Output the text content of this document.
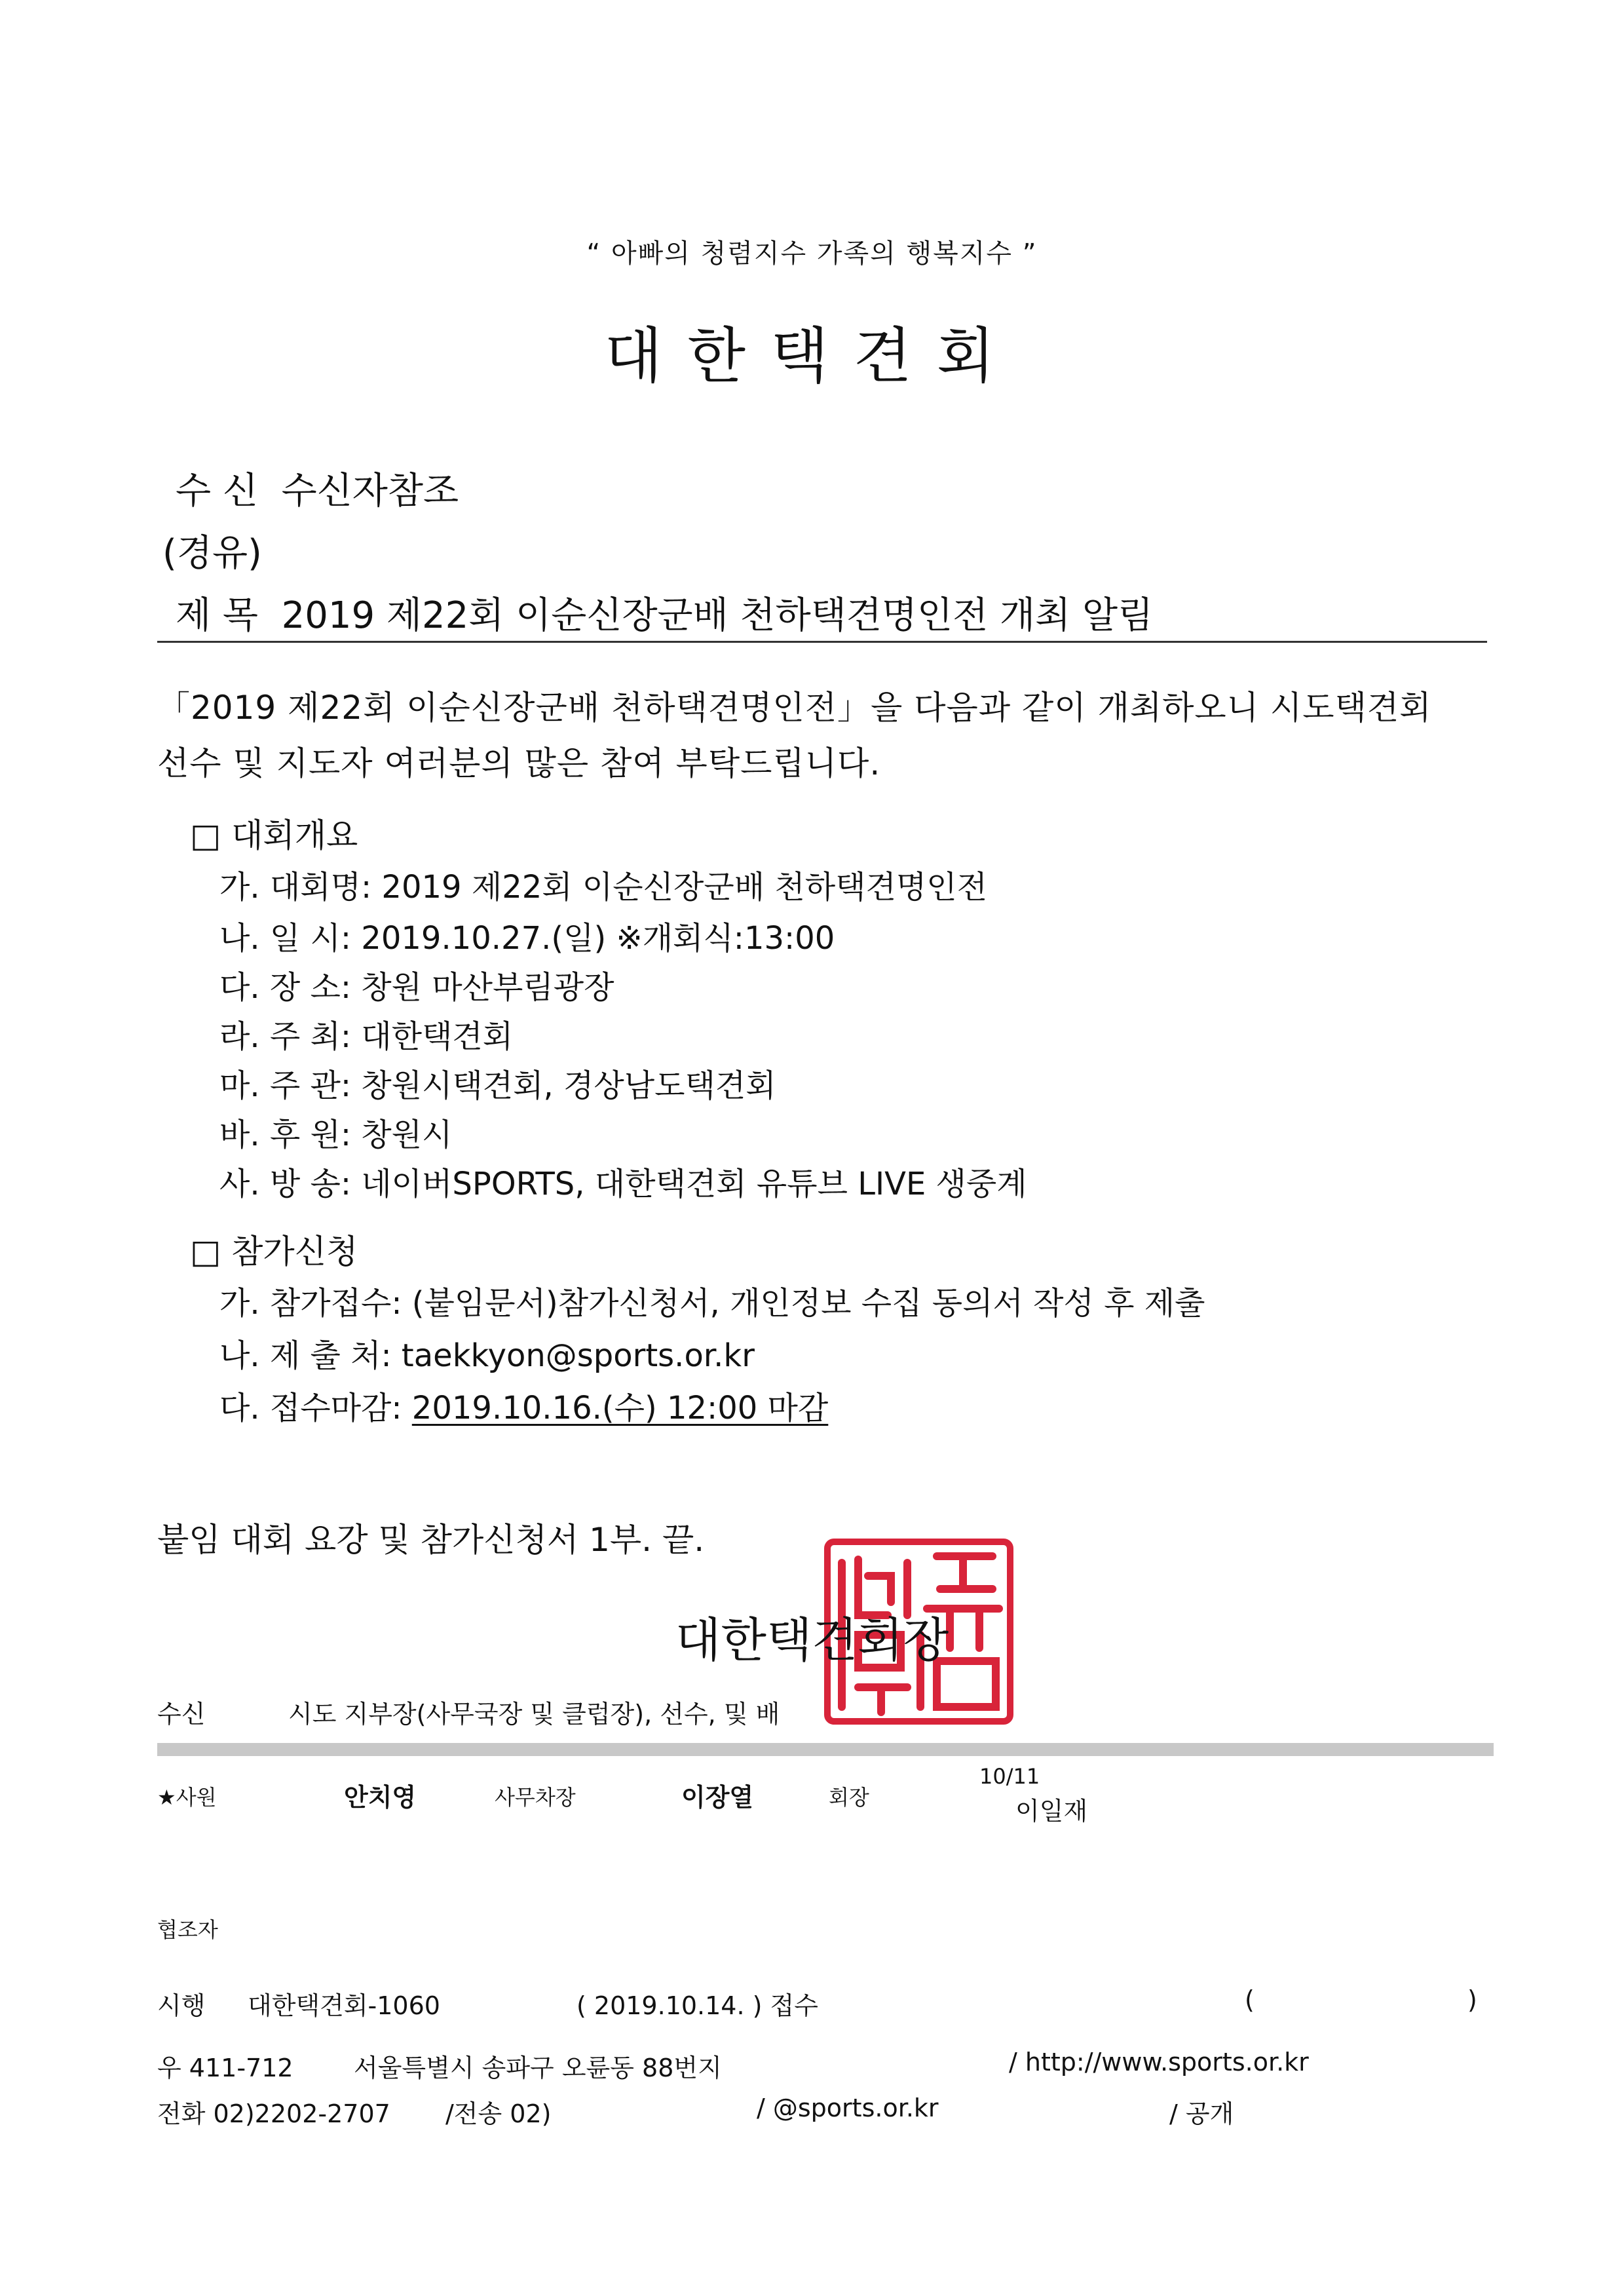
“ 아빠의 청렴지수 가족의 행복지수 ”
대한택견회
수 신 수신자참조
(경유)
제 목 2019 제22회 이순신장군배 천하택견명인전 개최 알림
「2019 제22회 이순신장군배 천하택견명인전」을 다음과 같이 개최하오니 시도택견회
선수 및 지도자 여러분의 많은 참여 부탁드립니다.
□ 대회개요
가. 대회명: 2019 제22회 이순신장군배 천하택견명인전
나. 일 시: 2019.10.27.(일) ※개회식:13:00
다. 장 소: 창원 마산부림광장
라. 주 최: 대한택견회
마. 주 관: 창원시택견회, 경상남도택견회
바. 후 원: 창원시
사. 방 송: 네이버SPORTS, 대한택견회 유튜브 LIVE 생중계
□ 참가신청
가. 참가접수: (붙임문서)참가신청서, 개인정보 수집 동의서 작성 후 제출
나. 제 출 처: taekkyon@sports.or.kr
다. 접수마감: 2019.10.16.(수) 12:00 마감
붙임 대회 요강 및 참가신청서 1부. 끝.
대한택견회장
수신	시도 지부장(사무국장 및 클럽장), 선수, 및 배
★사원	안치영	사무차장	이장열	회장
10/11
이일재
협조자
시행 대한택견회-1060	( 2019.10.14. ) 접수	(	)
우 411-712 서울특별시 송파구 오륜동 88번지	/ http://www.sports.or.kr
전화 02)2202-2707 /전송 02)	/ @sports.or.kr	/ 공개
